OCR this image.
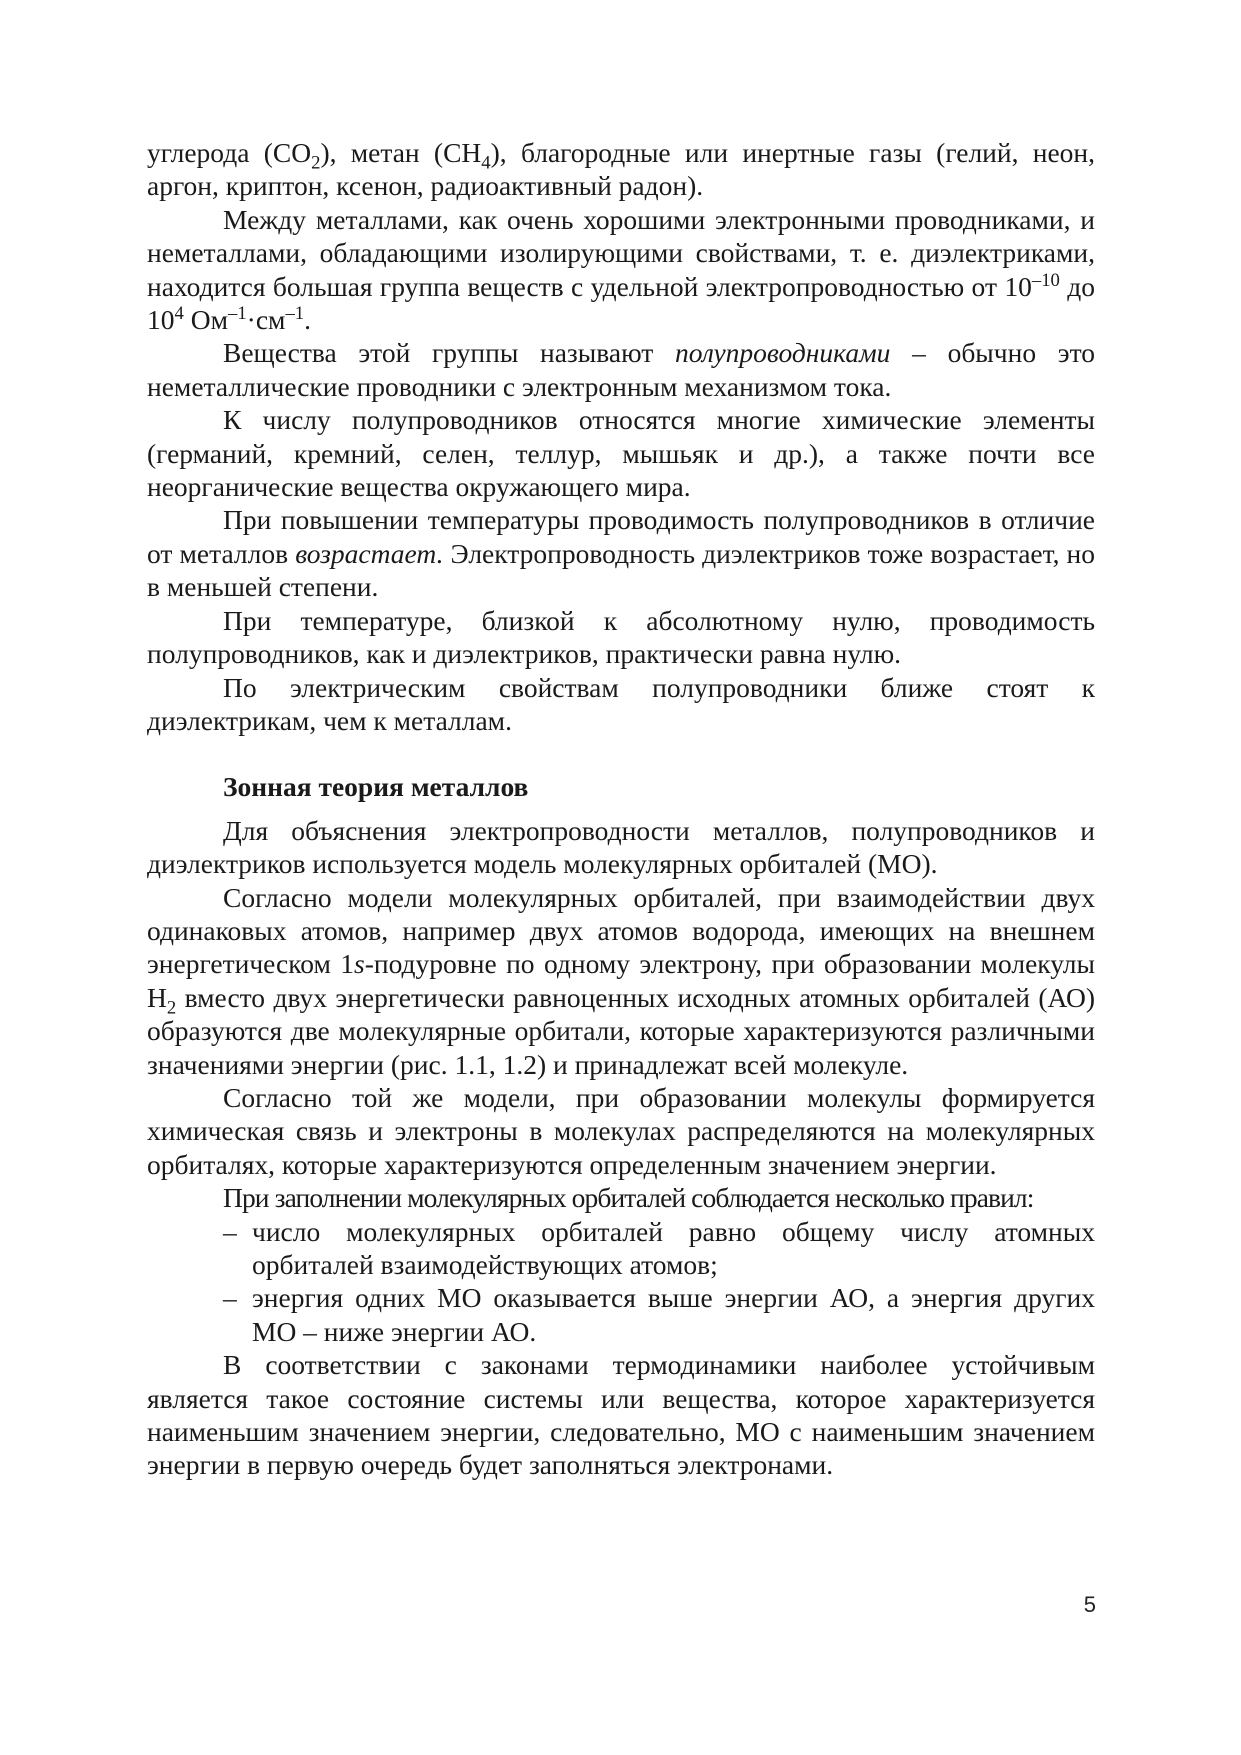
углерода $(CO_2)$, метан $(CH_4)$, благородные или инертные газы (гелий, неон, аргон, криптон, ксенон, радиоактивный радон).

Между металлами, как очень хорошими электронными проводниками, и неметаллами, обладающими изолирующими свойствами, т. е. диэлектриками, находится большая группа веществ с удельной электропроводностью от $10^{-10}$ до $10^4$ $Ом^{-1}\cdot см^{-1}$.

Вещества этой группы называют полупроводниками – обычно это неметаллические проводники с электронным механизмом тока.

К числу полупроводников относятся многие химические элементы (германий, кремний, селен, теллур, мышьяк и др.), а также почти все неорганические вещества окружающего мира.

При повышении температуры проводимость полупроводников в отличие от металлов возрастает. Электропроводность диэлектриков тоже возрастает, но в меньшей степени.

При температуре, близкой к абсолютному нулю, проводимость полупроводников, как и диэлектриков, практически равна нулю.

По электрическим свойствам полупроводники ближе стоят к диэлектрикам, чем к металлам.

Зонная теория металлов

Для объяснения электропроводности металлов, полупроводников и диэлектриков используется модель молекулярных орбиталей (МО).

Согласно модели молекулярных орбиталей, при взаимодействии двух одинаковых атомов, например двух атомов водорода, имеющих на внешнем энергетическом 1s-подуровне по одному электрону, при образовании молекулы $H_2$ вместо двух энергетически равноценных исходных атомных орбиталей (АО) образуются две молекулярные орбитали, которые характеризуются различными значениями энергии (рис. 1.1, 1.2) и принадлежат всей молекуле.

Согласно той же модели, при образовании молекулы формируется химическая связь и электроны в молекулах распределяются на молекулярных орбиталях, которые характеризуются определенным значением энергии.

При заполнении молекулярных орбиталей соблюдается несколько правил:

– число молекулярных орбиталей равно общему числу атомных орбиталей взаимодействующих атомов;
– энергия одних МО оказывается выше энергии АО, а энергия других МО – ниже энергии АО.

В соответствии с законами термодинамики наиболее устойчивым является такое состояние системы или вещества, которое характеризуется наименьшим значением энергии, следовательно, МО с наименьшим значением энергии в первую очередь будет заполняться электронами.

5
